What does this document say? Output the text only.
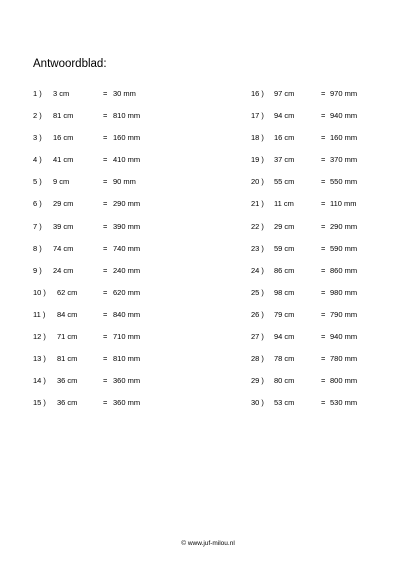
Antwoordblad:
1 ) 3 cm	= 30 mm
2 ) 81 cm	= 810 mm
3 ) 16 cm	= 160 mm
4 ) 41 cm	= 410 mm
5 ) 9 cm	= 90 mm
6 ) 29 cm	= 290 mm
7 ) 39 cm	= 390 mm
8 ) 74 cm	= 740 mm
9 ) 24 cm	= 240 mm
10 ) 62 cm	= 620 mm
11 ) 84 cm	= 840 mm
12 ) 71 cm	= 710 mm
13 ) 81 cm	= 810 mm
14 ) 36 cm	= 360 mm
15 ) 36 cm	= 360 mm
16 ) 97 cm	= 970 mm
17 ) 94 cm	= 940 mm
18 ) 16 cm	= 160 mm
19 ) 37 cm	= 370 mm
20 ) 55 cm	= 550 mm
21 ) 11 cm	= 110 mm
22 ) 29 cm	= 290 mm
23 ) 59 cm	= 590 mm
24 ) 86 cm	= 860 mm
25 ) 98 cm	= 980 mm
26 ) 79 cm	= 790 mm
27 ) 94 cm	= 940 mm
28 ) 78 cm	= 780 mm
29 ) 80 cm	= 800 mm
30 ) 53 cm	= 530 mm
© www.juf-milou.nl
